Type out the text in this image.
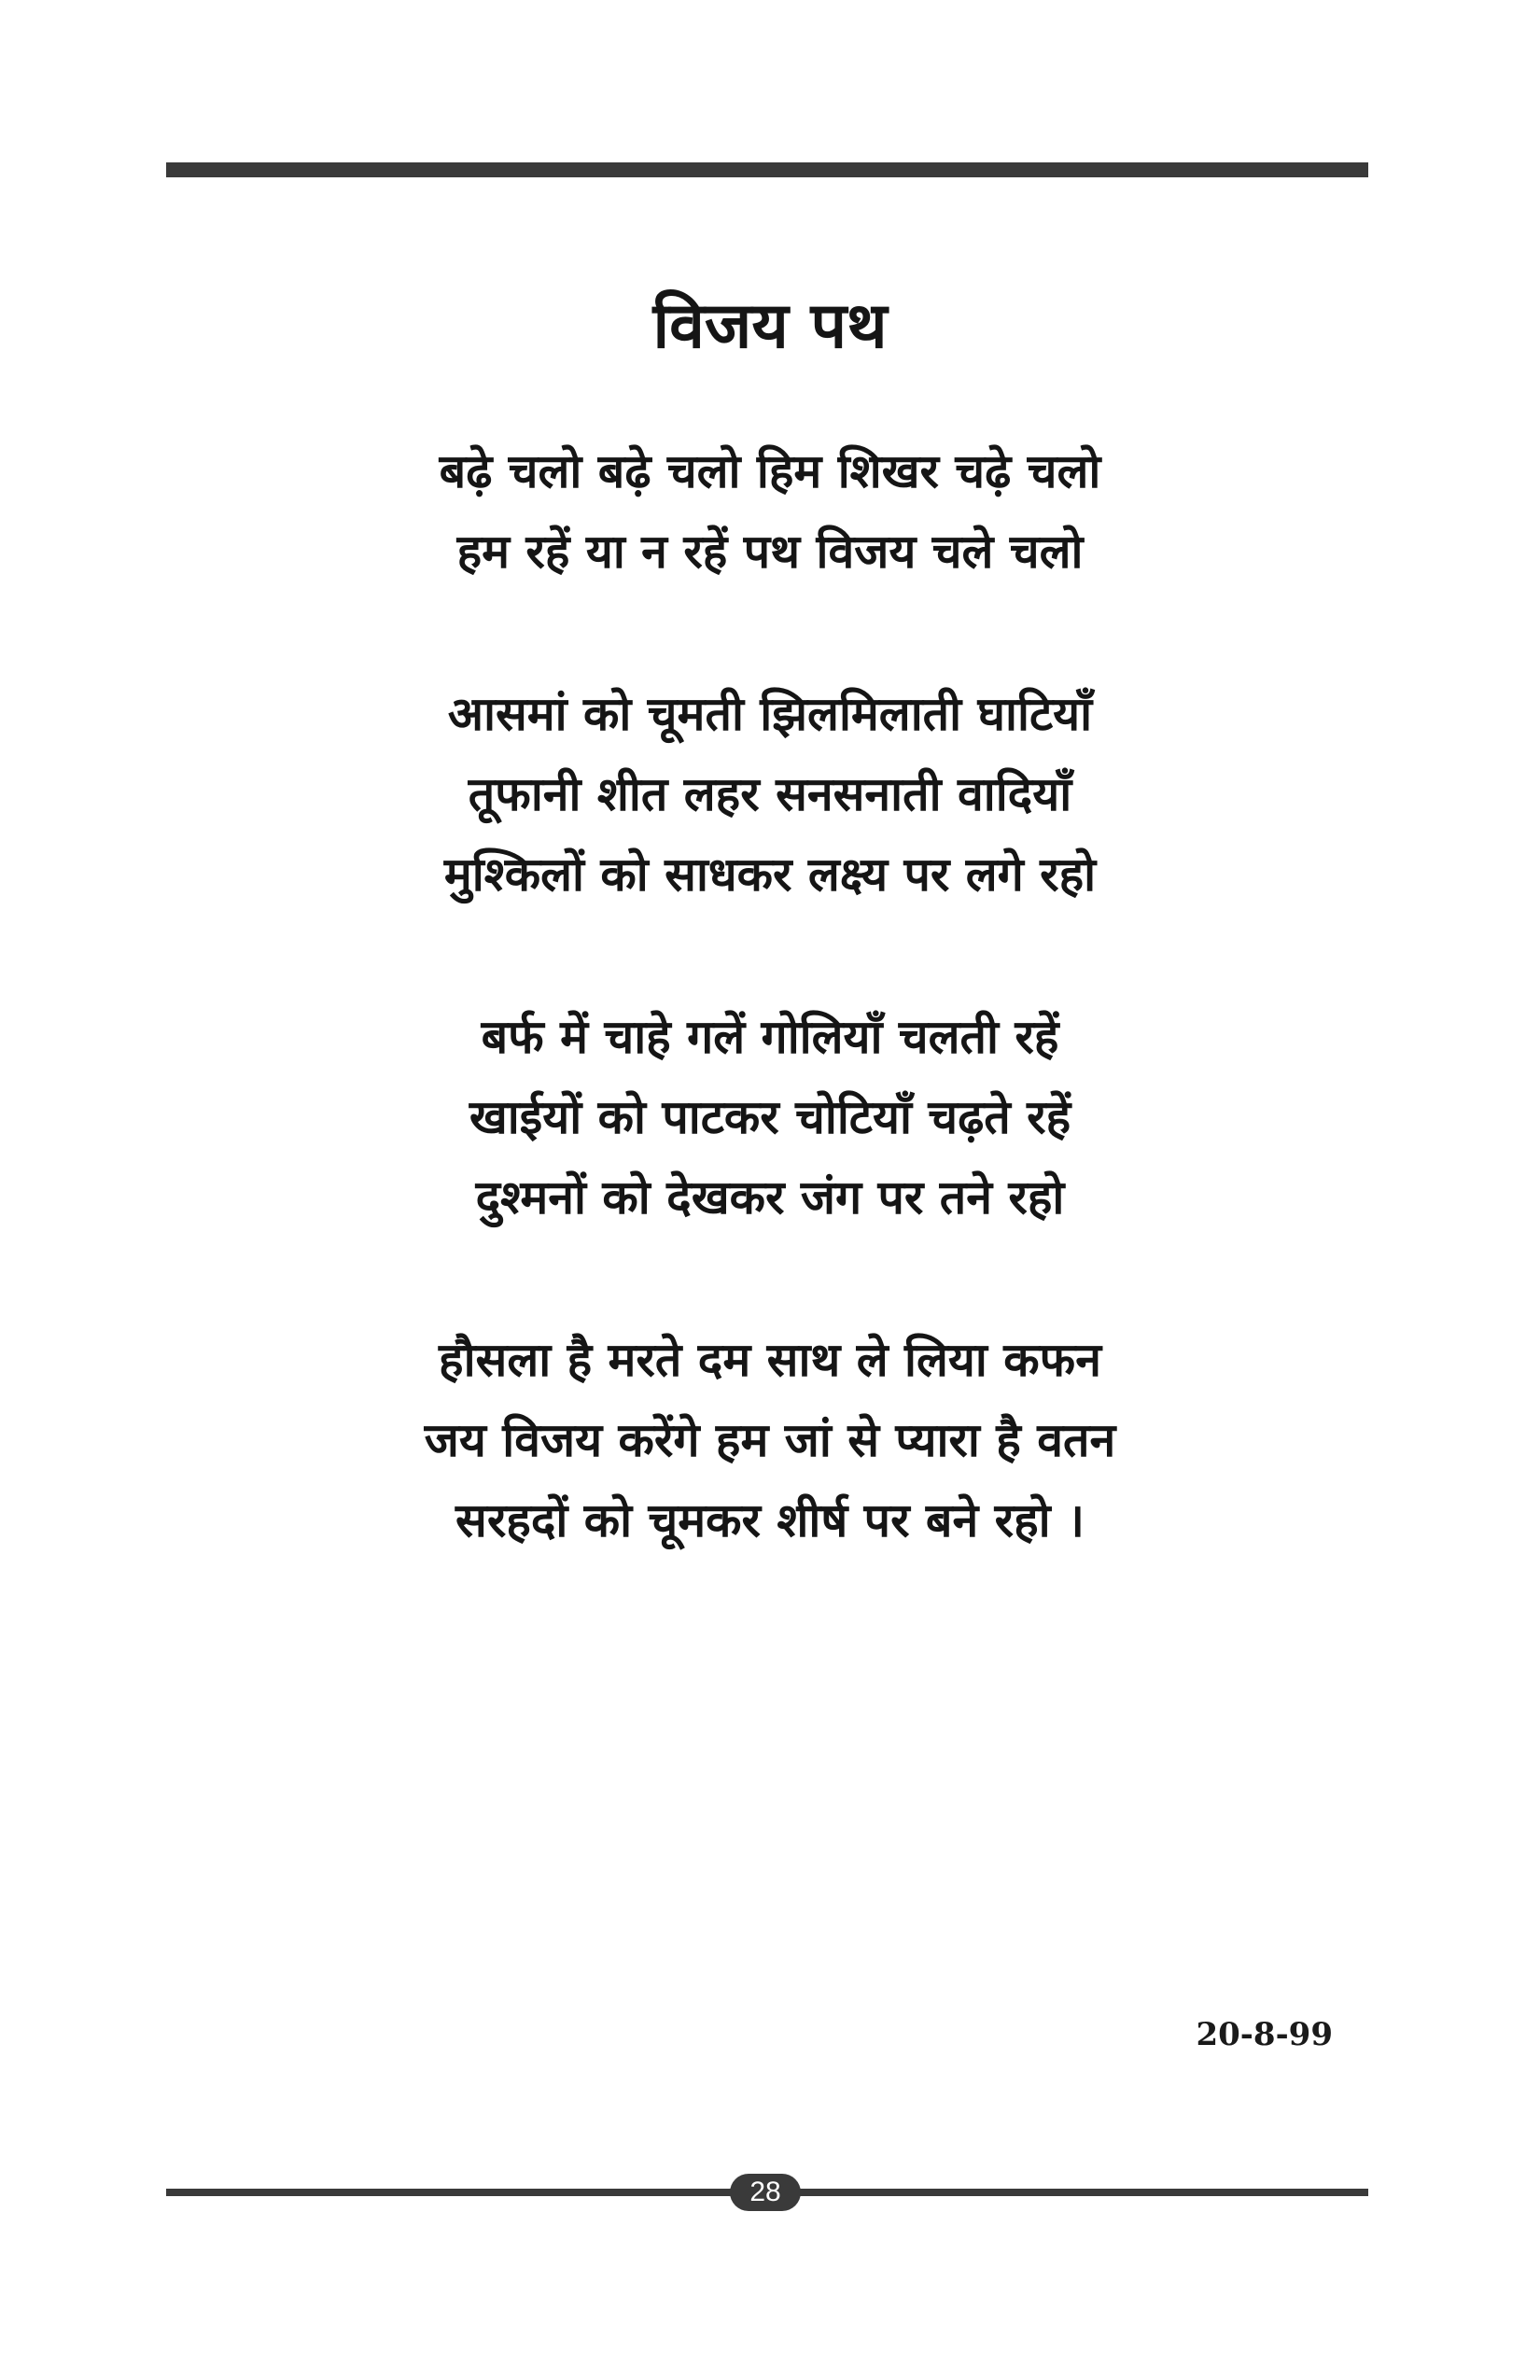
विजय पथ
बढ़े चलो बढ़े चलो हिम शिखर चढ़े चलो
हम रहें या न रहें पथ विजय चले चलो
आसमां को चूमती झिलमिलाती घाटियाँ
तूफानी शीत लहर सनसनाती वादियाँ
मुश्किलों को साधकर लक्ष्य पर लगे रहो
बर्फ में चाहे गलें गोलियाँ चलती रहें
खाईयों को पाटकर चोटियाँ चढ़ते रहें
दुश्मनों को देखकर जंग पर तने रहो
हौसला है मरते दम साथ ले लिया कफन
जय विजय करेंगे हम जां से प्यारा है वतन
सरहदों को चूमकर शीर्ष पर बने रहो ।
20-8-99
28
